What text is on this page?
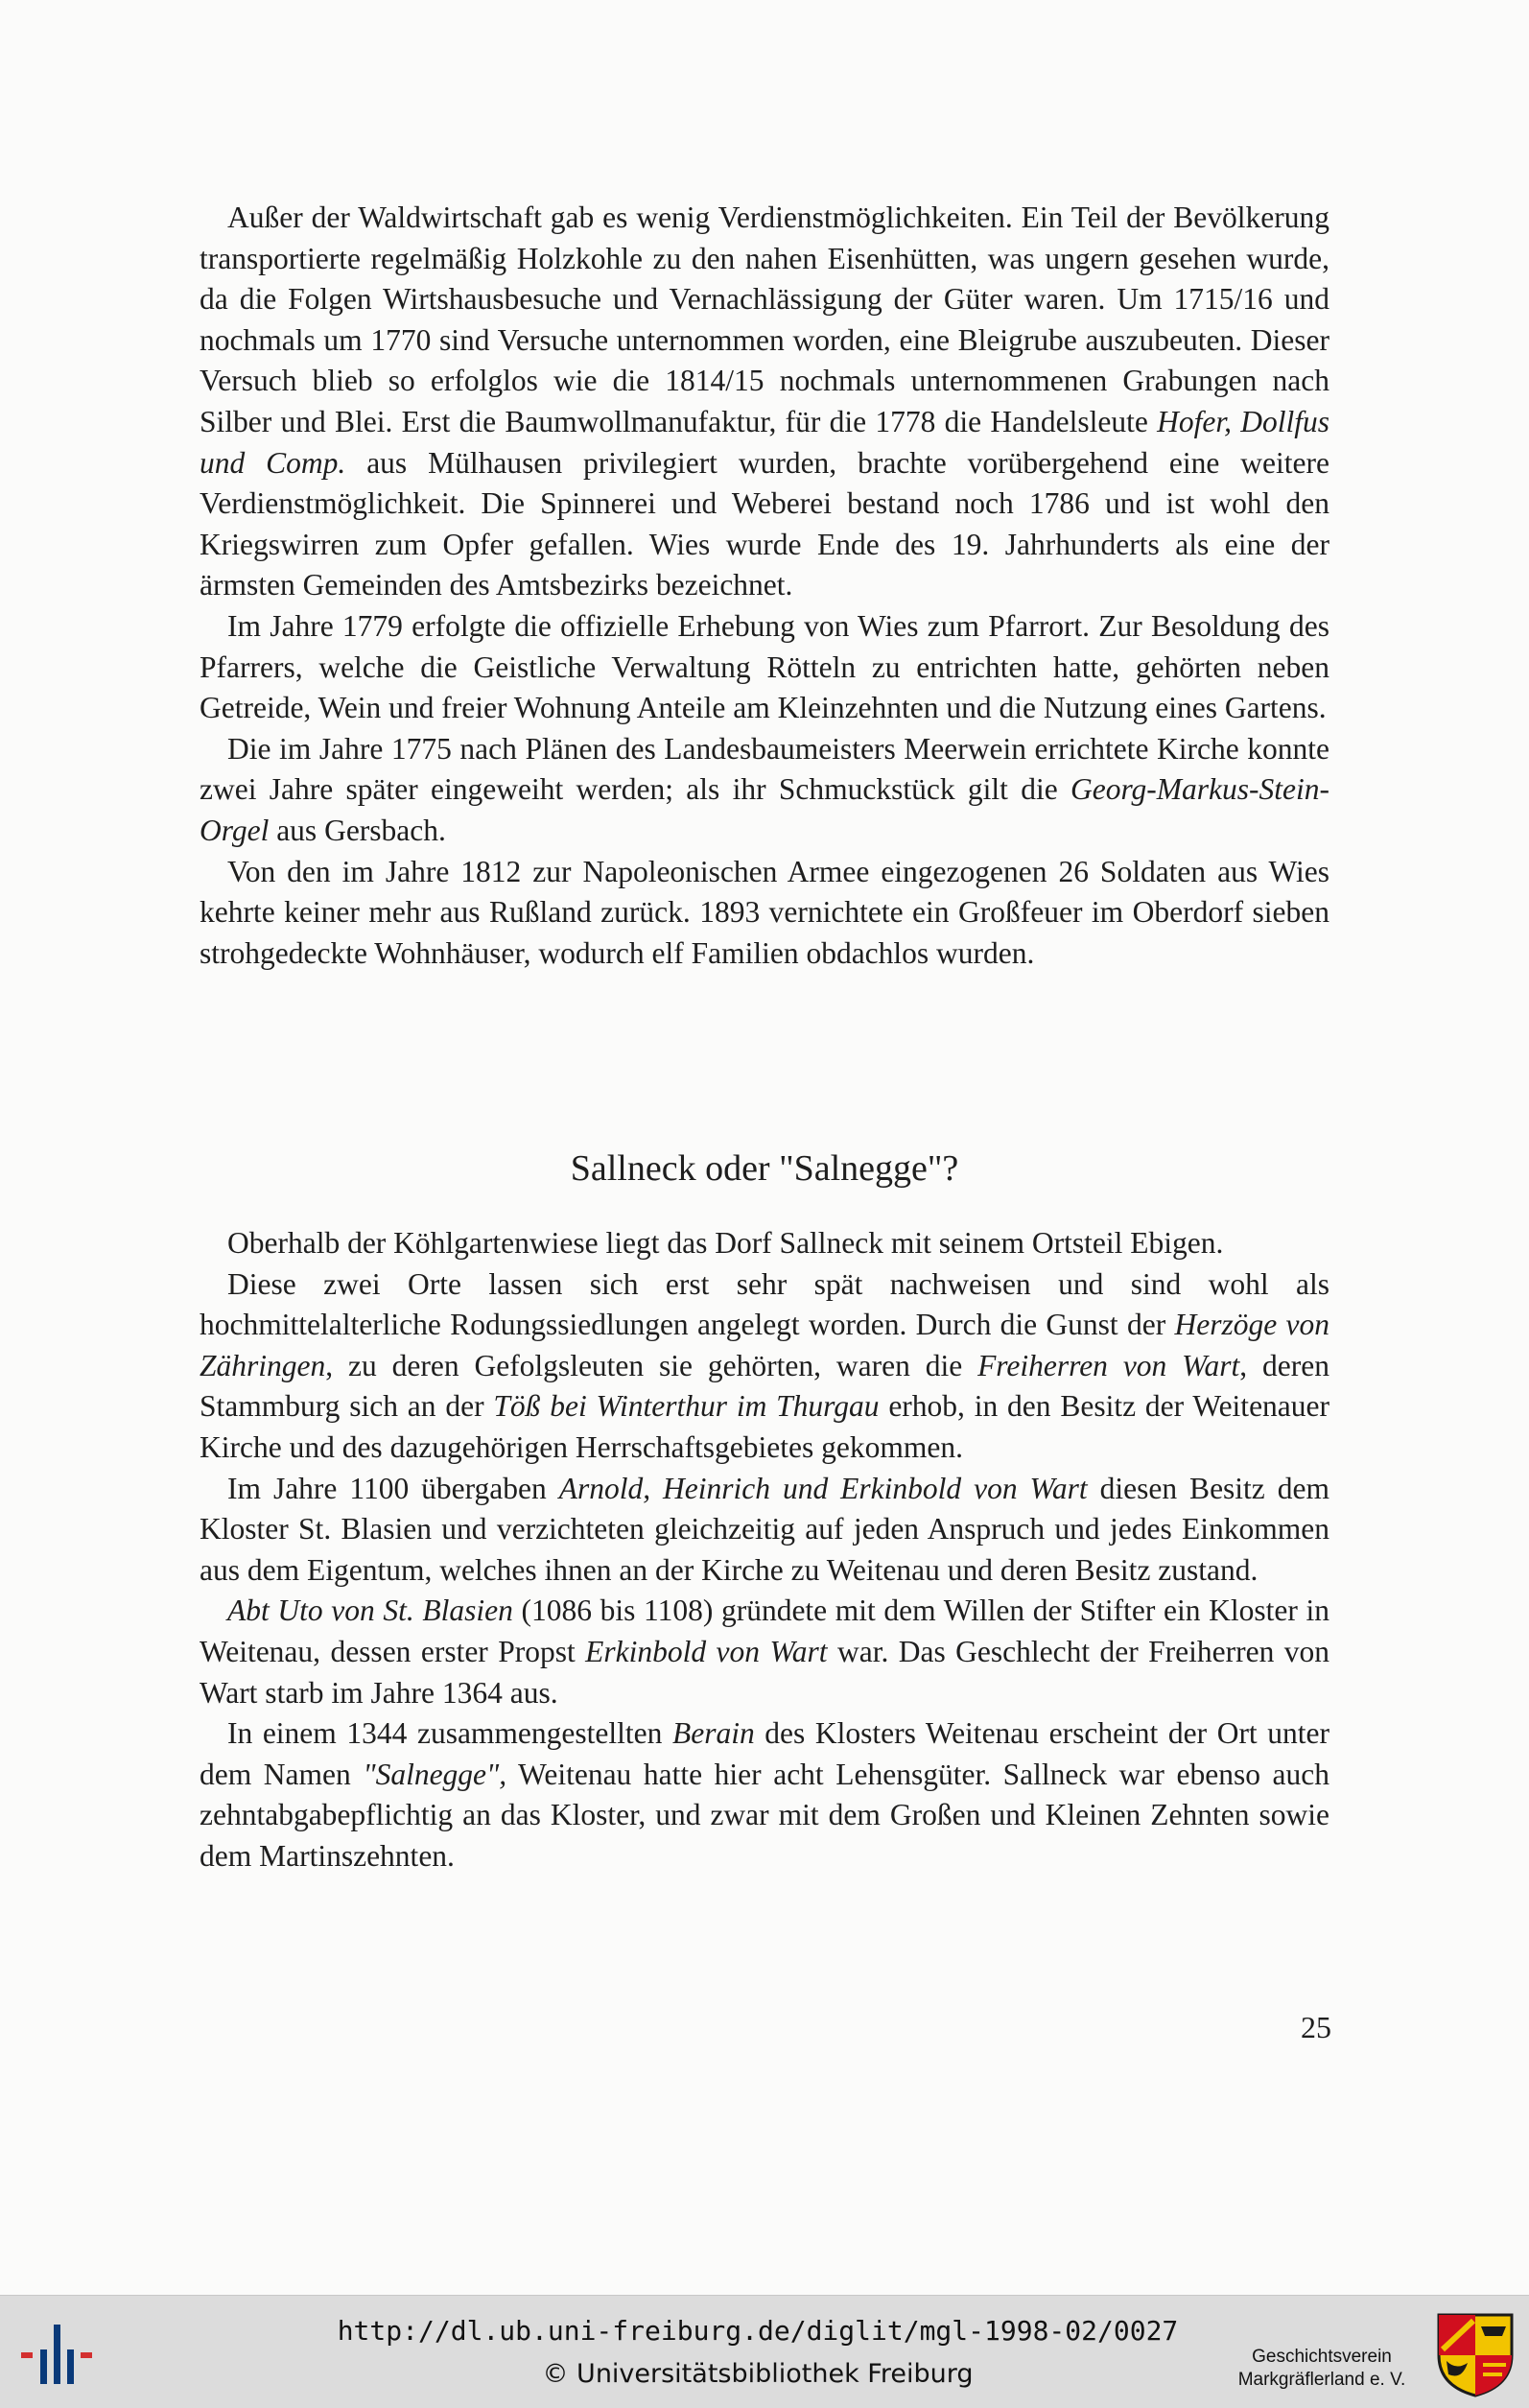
Außer der Waldwirtschaft gab es wenig Verdienstmöglichkeiten. Ein Teil der Bevölkerung transportierte regelmäßig Holzkohle zu den nahen Eisenhütten, was ungern gesehen wurde, da die Folgen Wirtshausbesuche und Vernachlässigung der Güter waren. Um 1715/16 und nochmals um 1770 sind Versuche unternommen worden, eine Bleigrube auszubeuten. Dieser Versuch blieb so erfolglos wie die 1814/15 nochmals unternommenen Grabungen nach Silber und Blei. Erst die Baumwollmanufaktur, für die 1778 die Handelsleute Hofer, Dollfus und Comp. aus Mülhausen privilegiert wurden, brachte vorübergehend eine weitere Verdienstmöglichkeit. Die Spinnerei und Weberei bestand noch 1786 und ist wohl den Kriegswirren zum Opfer gefallen. Wies wurde Ende des 19. Jahrhunderts als eine der ärmsten Gemeinden des Amtsbezirks bezeichnet.

Im Jahre 1779 erfolgte die offizielle Erhebung von Wies zum Pfarrort. Zur Besoldung des Pfarrers, welche die Geistliche Verwaltung Rötteln zu entrichten hatte, gehörten neben Getreide, Wein und freier Wohnung Anteile am Kleinzehnten und die Nutzung eines Gartens.

Die im Jahre 1775 nach Plänen des Landesbaumeisters Meerwein errichtete Kirche konnte zwei Jahre später eingeweiht werden; als ihr Schmuckstück gilt die Georg-Markus-Stein-Orgel aus Gersbach.

Von den im Jahre 1812 zur Napoleonischen Armee eingezogenen 26 Soldaten aus Wies kehrte keiner mehr aus Rußland zurück. 1893 vernichtete ein Großfeuer im Oberdorf sieben strohgedeckte Wohnhäuser, wodurch elf Familien obdachlos wurden.

Sallneck oder "Salnegge"?

Oberhalb der Köhlgartenwiese liegt das Dorf Sallneck mit seinem Ortsteil Ebigen.

Diese zwei Orte lassen sich erst sehr spät nachweisen und sind wohl als hochmittelalterliche Rodungssiedlungen angelegt worden. Durch die Gunst der Herzöge von Zähringen, zu deren Gefolgsleuten sie gehörten, waren die Freiherren von Wart, deren Stammburg sich an der Töß bei Winterthur im Thurgau erhob, in den Besitz der Weitenauer Kirche und des dazugehörigen Herrschaftsgebietes gekommen.

Im Jahre 1100 übergaben Arnold, Heinrich und Erkinbold von Wart diesen Besitz dem Kloster St. Blasien und verzichteten gleichzeitig auf jeden Anspruch und jedes Einkommen aus dem Eigentum, welches ihnen an der Kirche zu Weitenau und deren Besitz zustand.

Abt Uto von St. Blasien (1086 bis 1108) gründete mit dem Willen der Stifter ein Kloster in Weitenau, dessen erster Propst Erkinbold von Wart war. Das Geschlecht der Freiherren von Wart starb im Jahre 1364 aus.

In einem 1344 zusammengestellten Berain des Klosters Weitenau erscheint der Ort unter dem Namen "Salnegge", Weitenau hatte hier acht Lehensgüter. Sallneck war ebenso auch zehntabgabepflichtig an das Kloster, und zwar mit dem Großen und Kleinen Zehnten sowie dem Martinszehnten.

25
http://dl.ub.uni-freiburg.de/diglit/mgl-1998-02/0027
© Universitätsbibliothek Freiburg
Geschichtsverein
Markgräflerland e. V.
